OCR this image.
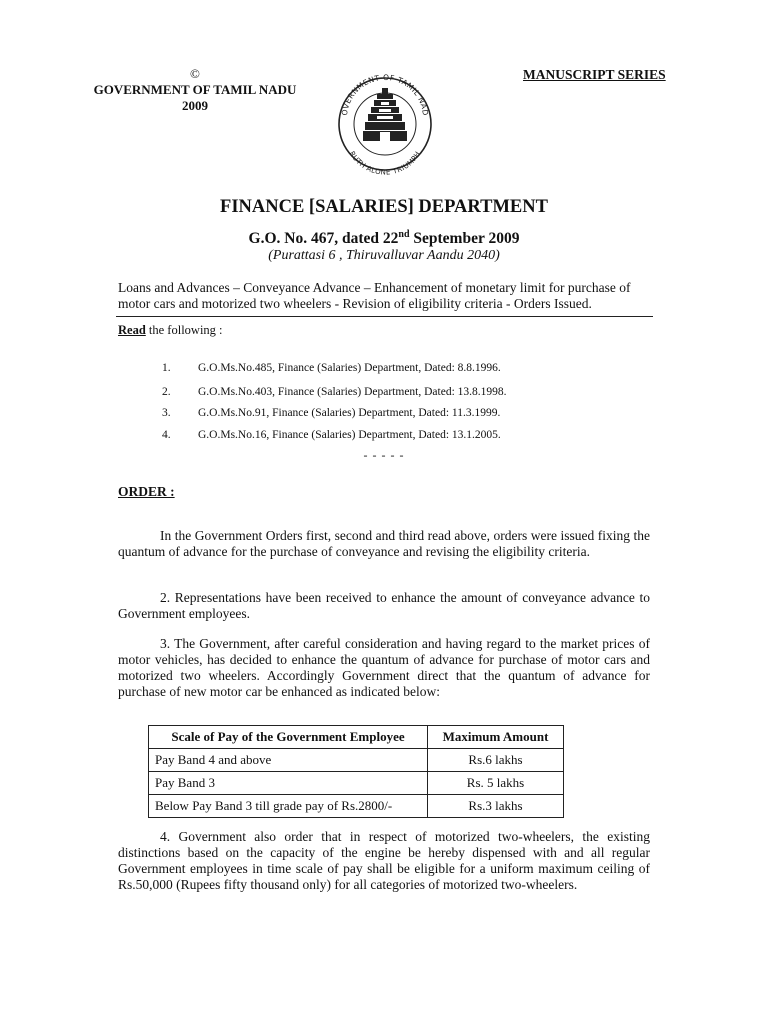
©
GOVERNMENT OF TAMIL NADU
2009
MANUSCRIPT SERIES
OVERNMENT OF TAMIL NAD
RUTH ALONE TRIUMPH
FINANCE [SALARIES] DEPARTMENT
G.O. No. 467, dated 22nd September 2009
(Purattasi 6 , Thiruvalluvar Aandu 2040)
Loans and Advances – Conveyance Advance – Enhancement of monetary limit for purchase of motor cars and motorized two wheelers - Revision of eligibility criteria - Orders Issued.
Read the following :
1. G.O.Ms.No.485, Finance (Salaries) Department, Dated: 8.8.1996.
2. G.O.Ms.No.403, Finance (Salaries) Department, Dated: 13.8.1998.
3. G.O.Ms.No.91, Finance (Salaries) Department, Dated: 11.3.1999.
4. G.O.Ms.No.16, Finance (Salaries) Department, Dated: 13.1.2005.
- - - - -
ORDER :
In the Government Orders first, second and third read above, orders were issued fixing the quantum of advance for the purchase of conveyance and revising the eligibility criteria.
2. Representations have been received to enhance the amount of conveyance advance to Government employees.
3. The Government, after careful consideration and having regard to the market prices of motor vehicles, has decided to enhance the quantum of advance for purchase of motor cars and motorized two wheelers. Accordingly Government direct that the quantum of advance for purchase of new motor car be enhanced as indicated below:
Scale of Pay of the Government Employee	Maximum Amount
Pay Band 4 and above	Rs.6 lakhs
Pay Band 3	Rs. 5 lakhs
Below Pay Band 3 till grade pay of Rs.2800/-	Rs.3 lakhs
4. Government also order that in respect of motorized two-wheelers, the existing distinctions based on the capacity of the engine be hereby dispensed with and all regular Government employees in time scale of pay shall be eligible for a uniform maximum ceiling of Rs.50,000 (Rupees fifty thousand only) for all categories of motorized two-wheelers.
